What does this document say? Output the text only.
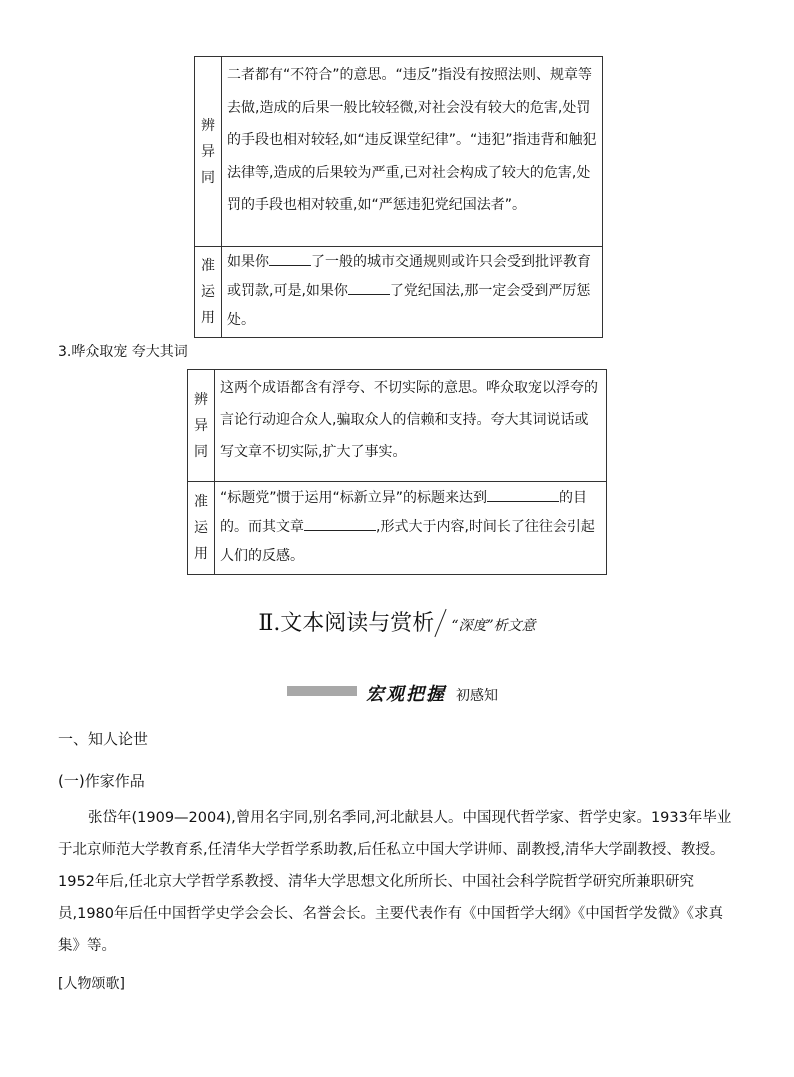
辨
异
同	二者都有“不符合”的意思。“违反”指没有按照法则、规章等去做,造成的后果一般比较轻微,对社会没有较大的危害,处罚的手段也相对较轻,如“违反课堂纪律”。“违犯”指违背和触犯法律等,造成的后果较为严重,已对社会构成了较大的危害,处罚的手段也相对较重,如“严惩违犯党纪国法者”。

准
运
用	如果你 了一般的城市交通规则或许只会受到批评教育或罚款,可是,如果你 了党纪国法,那一定会受到严厉惩处。
3.哗众取宠 夸大其词
辨
异
同	这两个成语都含有浮夸、不切实际的意思。哗众取宠以浮夸的言论行动迎合众人,骗取众人的信赖和支持。夸大其词说话或写文章不切实际,扩大了事实。

准
运
用	“标题党”惯于运用“标新立异”的标题来达到 的目的。而其文章 ,形式大于内容,时间长了往往会引起人们的反感。
Ⅱ.文本阅读与赏析 “深度”析文意
宏观把握 初感知
一、知人论世
(一)作家作品
张岱年(1909—2004),曾用名宇同,别名季同,河北献县人。中国现代哲学家、哲学史家。1933年毕业于北京师范大学教育系,任清华大学哲学系助教,后任私立中国大学讲师、副教授,清华大学副教授、教授。1952年后,任北京大学哲学系教授、清华大学思想文化所所长、中国社会科学院哲学研究所兼职研究员,1980年后任中国哲学史学会会长、名誉会长。主要代表作有《中国哲学大纲》《中国哲学发微》《求真集》等。
[人物颂歌]
